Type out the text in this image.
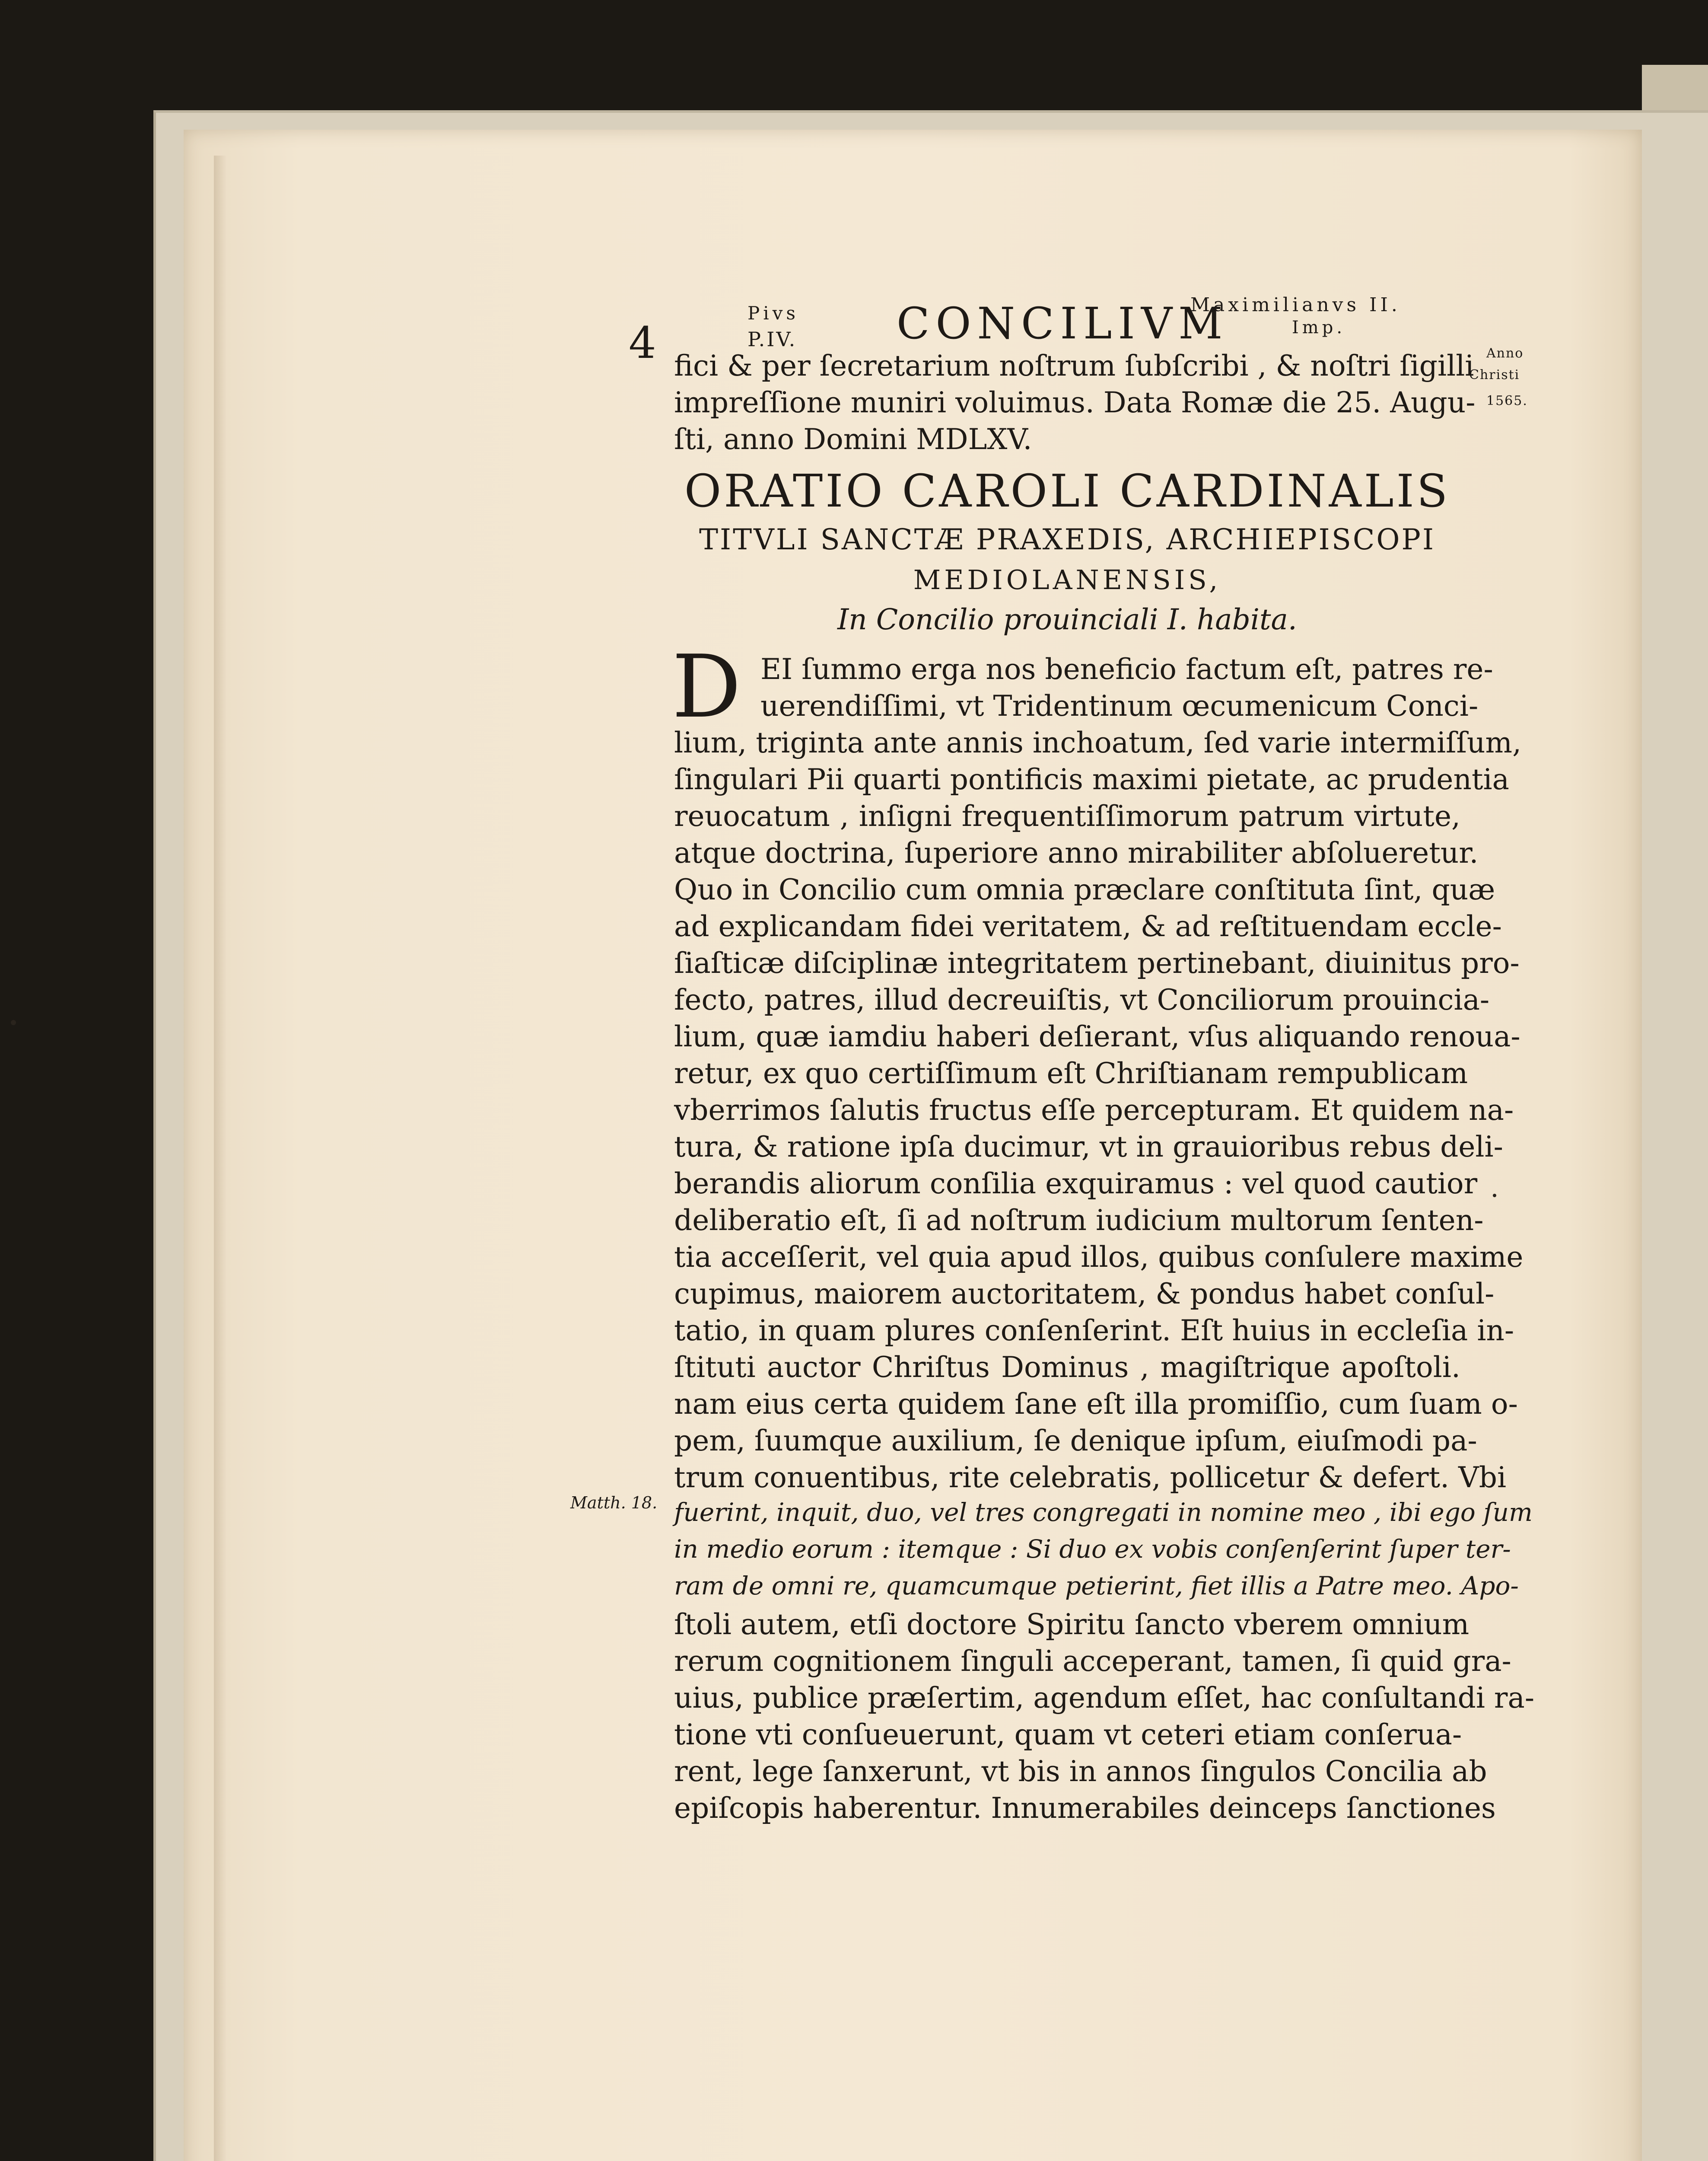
4
Pivs
P.IV. CONCILIVM
Maximilianvs II.
Imp.
Anno
Christi
1565.
fici & per ſecretarium noſtrum ſubſcribi , & noſtri ſigilli
impreſſione muniri voluimus. Data Romæ die 25. Augu-
ſti, anno Domini MDLXV.
ORATIO CAROLI CARDINALIS
TITVLI SANCTÆ PRAXEDIS, ARCHIEPISCOPI
MEDIOLANENSIS,
In Concilio prouinciali I. habita.
D
Matth. 18.
EI ſummo erga nos beneficio factum eſt, patres re-
uerendiſſimi, vt Tridentinum œcumenicum Conci-
lium, triginta ante annis inchoatum, ſed varie intermiſſum,
ſingulari Pii quarti pontificis maximi pietate, ac prudentia
reuocatum , inſigni frequentiſſimorum patrum virtute,
atque doctrina, ſuperiore anno mirabiliter abſolueretur.
Quo in Concilio cum omnia præclare conſtituta ſint, quæ
ad explicandam fidei veritatem, & ad reſtituendam eccle-
ſiaſticæ diſciplinæ integritatem pertinebant, diuinitus pro-
fecto, patres, illud decreuiſtis, vt Conciliorum prouincia-
lium, quæ iamdiu haberi deſierant, vſus aliquando renoua-
retur, ex quo certiſſimum eſt Chriſtianam rempublicam
vberrimos ſalutis fructus eſſe percepturam. Et quidem na-
tura, & ratione ipſa ducimur, vt in grauioribus rebus deli-
berandis aliorum conſilia exquiramus : vel quod cautior
deliberatio eſt, ſi ad noſtrum iudicium multorum ſenten-
tia acceſſerit, vel quia apud illos, quibus conſulere maxime
cupimus, maiorem auctoritatem, & pondus habet conſul-
tatio, in quam plures conſenſerint. Eſt huius in eccleſia in-
ſtituti auctor Chriſtus Dominus , magiſtrique apoſtoli.
nam eius certa quidem ſane eſt illa promiſſio, cum ſuam o-
pem, ſuumque auxilium, ſe denique ipſum, eiuſmodi pa-
trum conuentibus, rite celebratis, pollicetur & defert. Vbi
fuerint, inquit, duo, vel tres congregati in nomine meo , ibi ego ſum
in medio eorum : itemque : Si duo ex vobis conſenſerint ſuper ter-
ram de omni re, quamcumque petierint, fiet illis a Patre meo. Apo-
ſtoli autem, etſi doctore Spiritu ſancto vberem omnium
rerum cognitionem ſinguli acceperant, tamen, ſi quid gra-
uius, publice præſertim, agendum eſſet, hac conſultandi ra-
tione vti conſueuerunt, quam vt ceteri etiam conſerua-
rent, lege ſanxerunt, vt bis in annos ſingulos Concilia ab
epiſcopis haberentur. Innumerabiles deinceps ſanctiones
